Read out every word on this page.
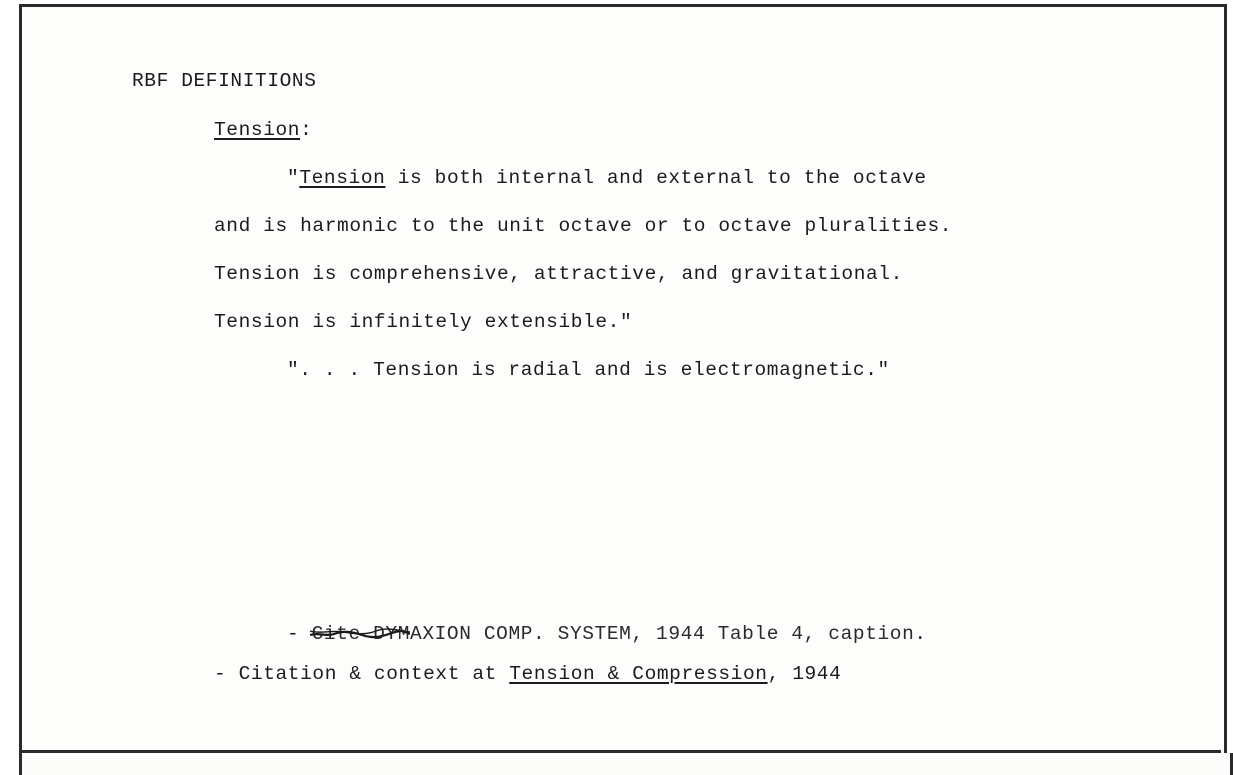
RBF DEFINITIONS
Tension:
"Tension is both internal and external to the octave
and is harmonic to the unit octave or to octave pluralities.
Tension is comprehensive, attractive, and gravitational.
Tension is infinitely extensible."
". . . Tension is radial and is electromagnetic."
- Cite DYMAXION COMP. SYSTEM, 1944 Table 4, caption
.
- Citation & context at Tension & Compression, 1944
